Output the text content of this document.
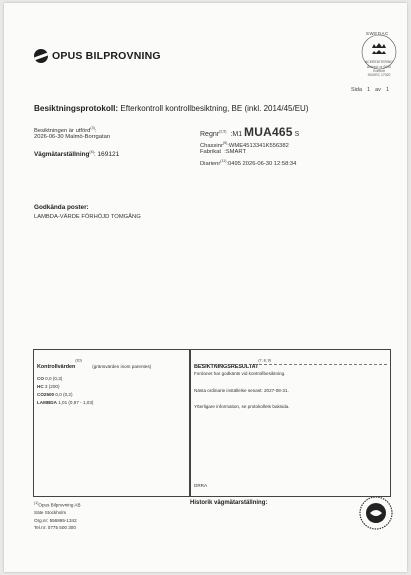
OPUS BILPROVNING
SWEDAC
ACKREDITERING
Ackred. nr 0000
Kontroll
ISO/IEC 17020
Sida 1 av 1
Besiktningsprotokoll: Efterkontroll kontrollbesiktning, BE (inkl. 2014/45/EU)
Besiktningen är utförd$^{(3)}$:
2026-06-30 Malmö-Borrgatan
Vägmätarställning$^{(4)}$: 169121
Regnr$^{(2,5)}$ :M1 MUA465 S
Chassinr$^{(5)}$:WME4513341K556382
Fabrikat :SMART
Diarienr$^{(11)}$:0495 2026-06-30 12:58:34
Godkända poster:
LAMBDA-VÄRDE FÖRHÖJD TOMGÅNG
Kontrollvärden$^{(10)}$ (gränsvärden inom parentes)
CO 0,0 (0,3)
HC 3 (200)
CO2500 0,0 (0,2)
LAMBDA 1,01 (0,97 - 1,03)
BESIKTNINGSRESULTAT$^{(7, 8, 9)}$
Fordonet har godkänts vid kontrollbesiktning.
Nästa ordinarie inställelse senast: 2027-08-31.
Ytterligare information, se protokollets baksida.
DRRA
$^{(1)}$Opus Bilprovning AB
Säte Stockholm
Org.nr: 556865-1342
Tel.nr: 0775 500 300
Historik vägmätarställning:
